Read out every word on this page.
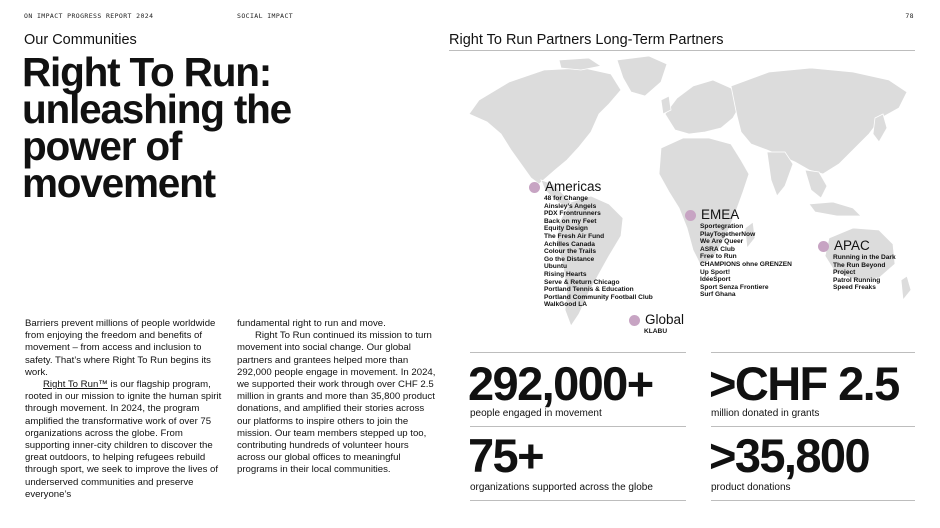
ON IMPACT PROGRESS REPORT 2024	SOCIAL IMPACT	78
Our Communities
Right To Run: unleashing the power of movement

Barriers prevent millions of people worldwide from enjoying the freedom and benefits of movement – from access and inclusion to safety. That’s where Right To Run begins its work.

Right To Run™ is our flagship program, rooted in our mission to ignite the human spirit through movement. In 2024, the program amplified the transformative work of over 75 organizations across the globe. From supporting inner-city children to discover the great outdoors, to helping refugees rebuild through sport, we seek to improve the lives of underserved communities and preserve everyone’s

fundamental right to run and move.

Right To Run continued its mission to turn movement into social change. Our global partners and grantees helped more than 292,000 people engage in movement. In 2024, we supported their work through over CHF 2.5 million in grants and more than 35,800 product donations, and amplified their stories across our platforms to inspire others to join the mission. Our team members stepped up too, contributing hundreds of volunteer hours across our global offices to meaningful programs in their local communities.

Right To Run Partners Long-Term Partners
Americas
48 for Change
Ainsley’s Angels
PDX Frontrunners
Back on my Feet
Equity Design
The Fresh Air Fund
Achilles Canada
Colour the Trails
Go the Distance
Ubuntu
Rising Hearts
Serve & Return Chicago
Portland Tennis & Education
Portland Community Football Club
WalkGood LA
EMEA
Sportegration
PlayTogetherNow
We Are Queer
ASRA Club
Free to Run
CHAMPIONS ohne GRENZEN
Up Sport!
IdéeSport
Sport Senza Frontiere
Surf Ghana
APAC
Running in the Dark
The Run Beyond
Project
Patrol Running
Speed Freaks
Global
KLABU
292,000+
people engaged in movement
>CHF 2.5
million donated in grants
75+
organizations supported across the globe
>35,800
product donations
